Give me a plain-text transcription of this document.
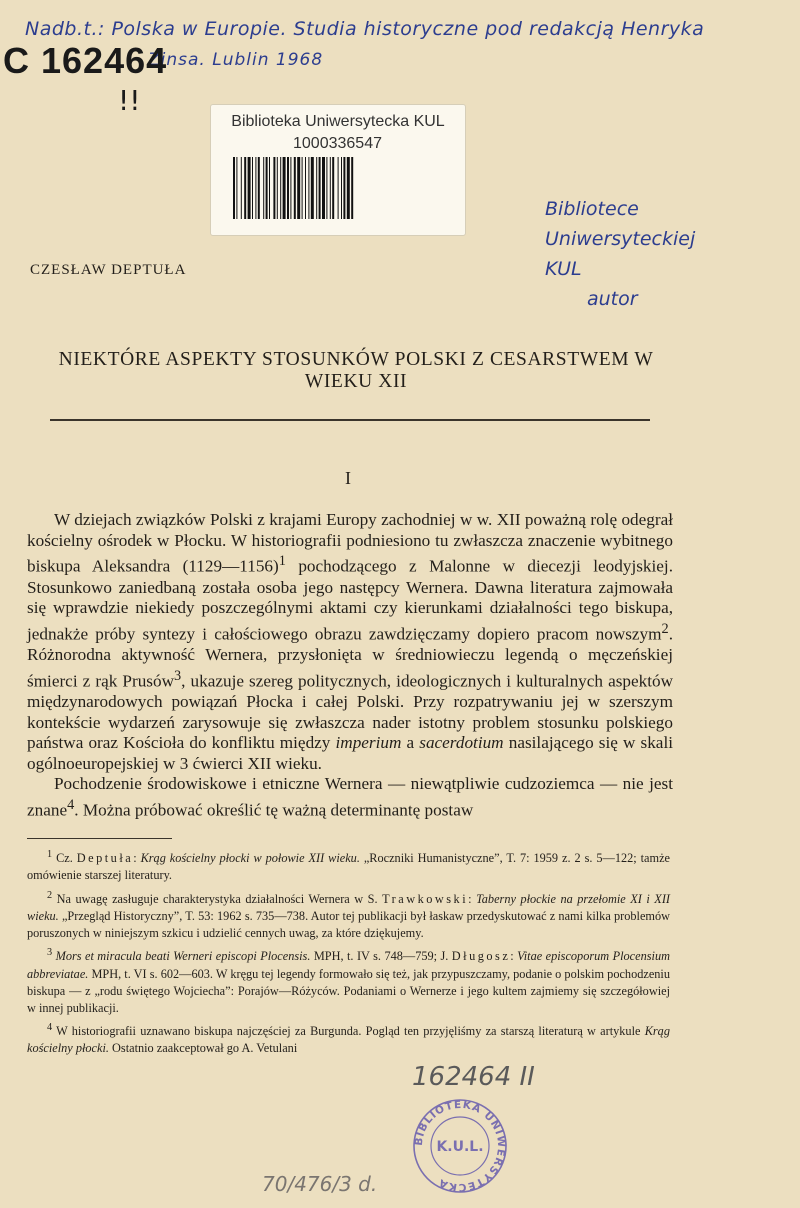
Nadb.t.: Polska w Europie. Studia historyczne pod redakcją Henryka
Zinsa. Lublin 1968
C 162464
!!
Biblioteka Uniwersytecka KUL
1000336547
Bibliotece
Uniwersyteckiej
KUL
autor
CZESŁAW DEPTUŁA
NIEKTÓRE ASPEKTY STOSUNKÓW POLSKI Z CESARSTWEM W WIEKU XII
I

W dziejach związków Polski z krajami Europy zachodniej w w. XII poważną rolę odegrał kościelny ośrodek w Płocku. W historiografii podniesiono tu zwłaszcza znaczenie wybitnego biskupa Aleksandra (1129—1156)$^1$ pochodzącego z Malonne w diecezji leodyjskiej. Stosunkowo zaniedbaną została osoba jego następcy Wernera. Dawna literatura zajmowała się wprawdzie niekiedy poszczególnymi aktami czy kierunkami działalności tego biskupa, jednakże próby syntezy i całościowego obrazu zawdzięczamy dopiero pracom nowszym$^2$. Różnorodna aktywność Wernera, przysłonięta w średniowieczu legendą o męczeńskiej śmierci z rąk Prusów$^3$, ukazuje szereg politycznych, ideologicznych i kulturalnych aspektów międzynarodowych powiązań Płocka i całej Polski. Przy rozpatrywaniu jej w szerszym kontekście wydarzeń zarysowuje się zwłaszcza nader istotny problem stosunku polskiego państwa oraz Kościoła do konfliktu między imperium a sacerdotium nasilającego się w skali ogólnoeuropejskiej w 3 ćwierci XII wieku.

Pochodzenie środowiskowe i etniczne Wernera — niewątpliwie cudzoziemca — nie jest znane$^4$. Można próbować określić tę ważną determinantę postaw

$^1$ Cz. Deptuła: Krąg kościelny płocki w połowie XII wieku. „Roczniki Humanistyczne”, T. 7: 1959 z. 2 s. 5—122; tamże omówienie starszej literatury.

$^2$ Na uwagę zasługuje charakterystyka działalności Wernera w S. Trawkowski: Taberny płockie na przełomie XI i XII wieku. „Przegląd Historyczny”, T. 53: 1962 s. 735—738. Autor tej publikacji był łaskaw przedyskutować z nami kilka problemów poruszonych w niniejszym szkicu i udzielić cennych uwag, za które dziękujemy.

$^3$ Mors et miracula beati Werneri episcopi Plocensis. MPH, t. IV s. 748—759; J. Długosz: Vitae episcoporum Plocensium abbreviatae. MPH, t. VI s. 602—603. W kręgu tej legendy formowało się też, jak przypuszczamy, podanie o polskim pochodzeniu biskupa — z „rodu świętego Wojciecha”: Porajów—Różyców. Podaniami o Wernerze i jego kultem zajmiemy się szczegółowiej w innej publikacji.

$^4$ W historiografii uznawano biskupa najczęściej za Burgunda. Pogląd ten przyjęliśmy za starszą literaturą w artykule Krąg kościelny płocki. Ostatnio zaakceptował go A. Vetulani

162464 II
BIBLIOTEKA UNIWERSYTECKA
K.U.L.
70/476/3 d.
